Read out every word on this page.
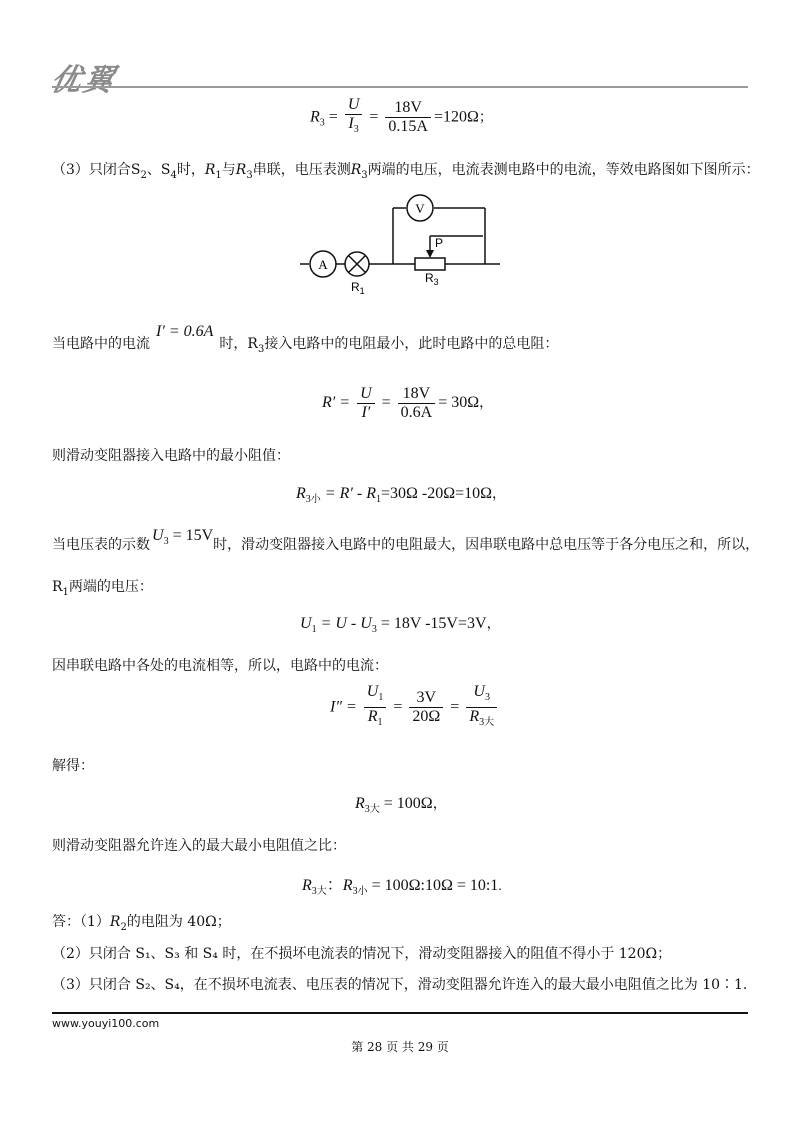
优翼
$R_3 = \frac{U}{I_3} = \frac{18V}{0.15A} =120\Omega$；
（3）只闭合$S_2$、$S_4$时，$R_1$与$R_3$串联，电压表测$R_3$两端的电压，电流表测电路中的电流，等效电路图如下图所示：
A
V
P
$R_1$
$R_3$
当电路中的电流I′ = 0.6A时，$R_3$接入电路中的电阻最小，此时电路中的总电阻：
$R' = \frac{U}{I'} = \frac{18V}{0.6A} = 30\Omega$，
则滑动变阻器接入电路中的最小阻值：
$R_{3小} = R' - R_1=30\Omega$ -20Ω=10Ω，
当电压表的示数$U_3 = 15V$时，滑动变阻器接入电路中的电阻最大，因串联电路中总电压等于各分电压之和，所以，
$R_1$两端的电压：
$U_1 = U - U_3 = 18V$ -15V=3V，
因串联电路中各处的电流相等，所以，电路中的电流：
$I'' = \frac{U_1}{R_1} = \frac{3V}{20\Omega} = \frac{U_3}{R_{3大}}$
解得：
$R_{3大} = 100\Omega$，
则滑动变阻器允许连入的最大最小电阻值之比：
$R_{3大}$：$R_{3小}$ = 100Ω:10Ω = 10:1.
答：$(1)R_2$的电阻为 40Ω；
（2）只闭合 S₁、S₃ 和 S₄ 时，在不损坏电流表的情况下，滑动变阻器接入的阻值不得小于 120Ω；
（3）只闭合 S₂、S₄，在不损坏电流表、电压表的情况下，滑动变阻器允许连入的最大最小电阻值之比为 10∶1.
www.youyi100.com
第 28 页 共 29 页
